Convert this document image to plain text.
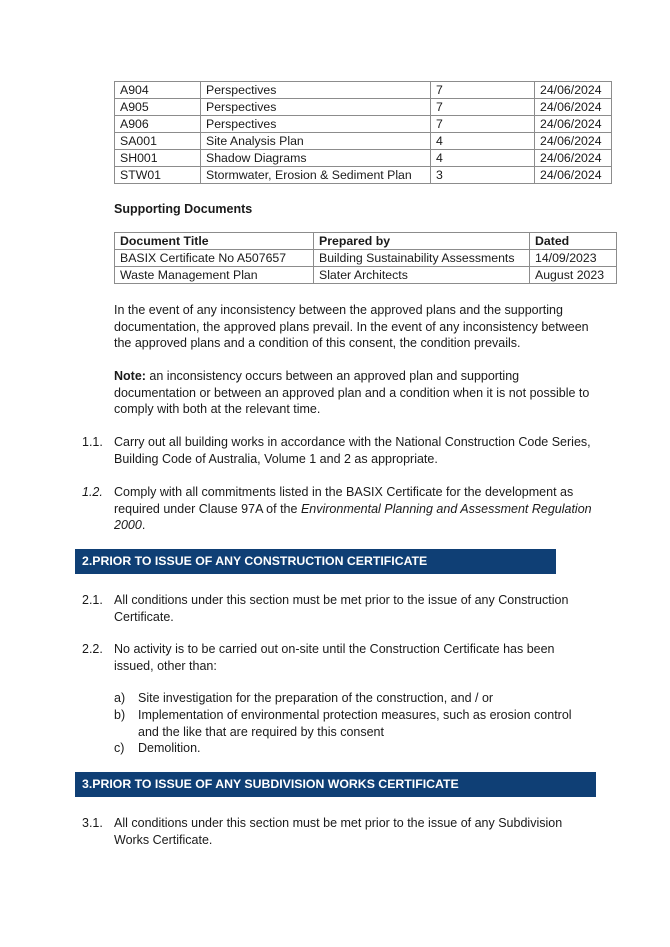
A904	Perspectives	7	24/06/2024
A905	Perspectives	7	24/06/2024
A906	Perspectives	7	24/06/2024
SA001	Site Analysis Plan	4	24/06/2024
SH001	Shadow Diagrams	4	24/06/2024
STW01	Stormwater, Erosion & Sediment Plan	3	24/06/2024
Supporting Documents
Document Title	Prepared by	Dated
BASIX Certificate No A507657	Building Sustainability Assessments	14/09/2023
Waste Management Plan	Slater Architects	August 2023
In the event of any inconsistency between the approved plans and the supporting documentation, the approved plans prevail. In the event of any inconsistency between the approved plans and a condition of this consent, the condition prevails.
Note: an inconsistency occurs between an approved plan and supporting documentation or between an approved plan and a condition when it is not possible to comply with both at the relevant time.
1.1. Carry out all building works in accordance with the National Construction Code Series, Building Code of Australia, Volume 1 and 2 as appropriate.
1.2. Comply with all commitments listed in the BASIX Certificate for the development as required under Clause 97A of the Environmental Planning and Assessment Regulation 2000.
2.PRIOR TO ISSUE OF ANY CONSTRUCTION CERTIFICATE
2.1. All conditions under this section must be met prior to the issue of any Construction Certificate.
2.2. No activity is to be carried out on-site until the Construction Certificate has been issued, other than:
a)	Site investigation for the preparation of the construction, and / or
b)	Implementation of environmental protection measures, such as erosion control and the like that are required by this consent
c)	Demolition.
3.PRIOR TO ISSUE OF ANY SUBDIVISION WORKS CERTIFICATE
3.1. All conditions under this section must be met prior to the issue of any Subdivision Works Certificate.
